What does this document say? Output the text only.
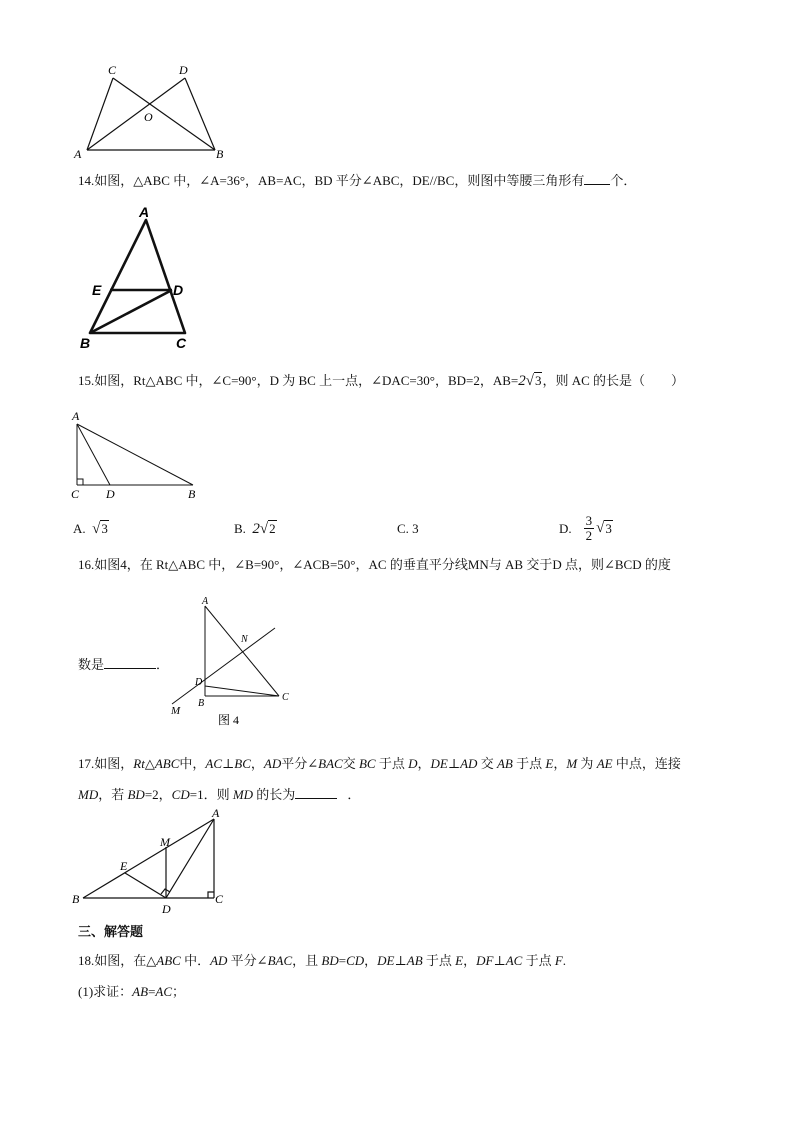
C	D
O
A	B
14.如图，△ABC 中，∠A=36°，AB=AC，BD 平分∠ABC，DE//BC，则图中等腰三角形有 个．
A
E	D
B	C
15.如图，Rt△ABC 中，∠C=90°，D 为 BC 上一点，∠DAC=30°，BD=2，AB=2√3，则 AC 的长是（　　）
A
C D	B
A. √3	B. 2√2	C. 3	D. $\frac{3}{2}$ √ 3
16.如图4，在 Rt△ABC 中，∠B=90°，∠ACB=50°，AC 的垂直平分线MN与 AB 交于D 点，则∠BCD 的度
A
N
D
C
B
M
图 4
数是	．
17.如图，Rt△ABC中，AC⊥BC，AD平分∠BAC交 BC 于点 D，DE⊥AD 交 AB 于点 E，M 为 AE 中点，连接
MD，若 BD=2，CD=1．则 MD 的长为	．
A
M
E
B
D
C
三、解答题
18.如图，在△ABC 中．AD 平分∠BAC，且 BD=CD，DE⊥AB 于点 E，DF⊥AC 于点 F.
(1)求证：AB=AC；
